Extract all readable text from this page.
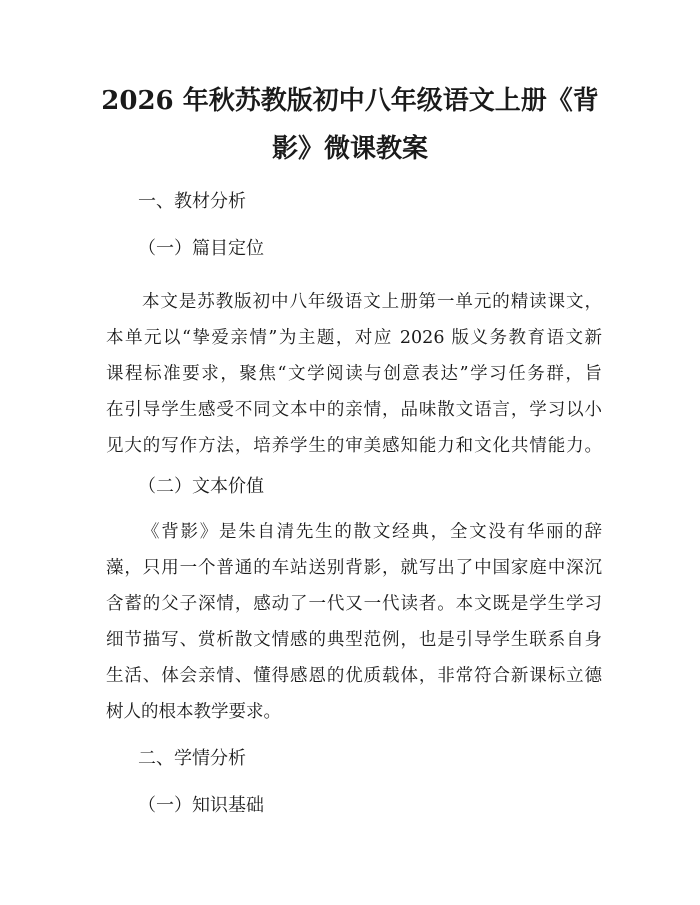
2026 年秋苏教版初中八年级语文上册《背
影》微课教案
一、教材分析
（一）篇目定位
本文是苏教版初中八年级语文上册第一单元的精读课文，
本单元以“挚爱亲情”为主题，对应 2026 版义务教育语文新
课程标准要求，聚焦“文学阅读与创意表达”学习任务群，旨
在引导学生感受不同文本中的亲情，品味散文语言，学习以小
见大的写作方法，培养学生的审美感知能力和文化共情能力。
（二）文本价值
《背影》是朱自清先生的散文经典，全文没有华丽的辞
藻，只用一个普通的车站送别背影，就写出了中国家庭中深沉
含蓄的父子深情，感动了一代又一代读者。本文既是学生学习
细节描写、赏析散文情感的典型范例，也是引导学生联系自身
生活、体会亲情、懂得感恩的优质载体，非常符合新课标立德
树人的根本教学要求。
二、学情分析
（一）知识基础
